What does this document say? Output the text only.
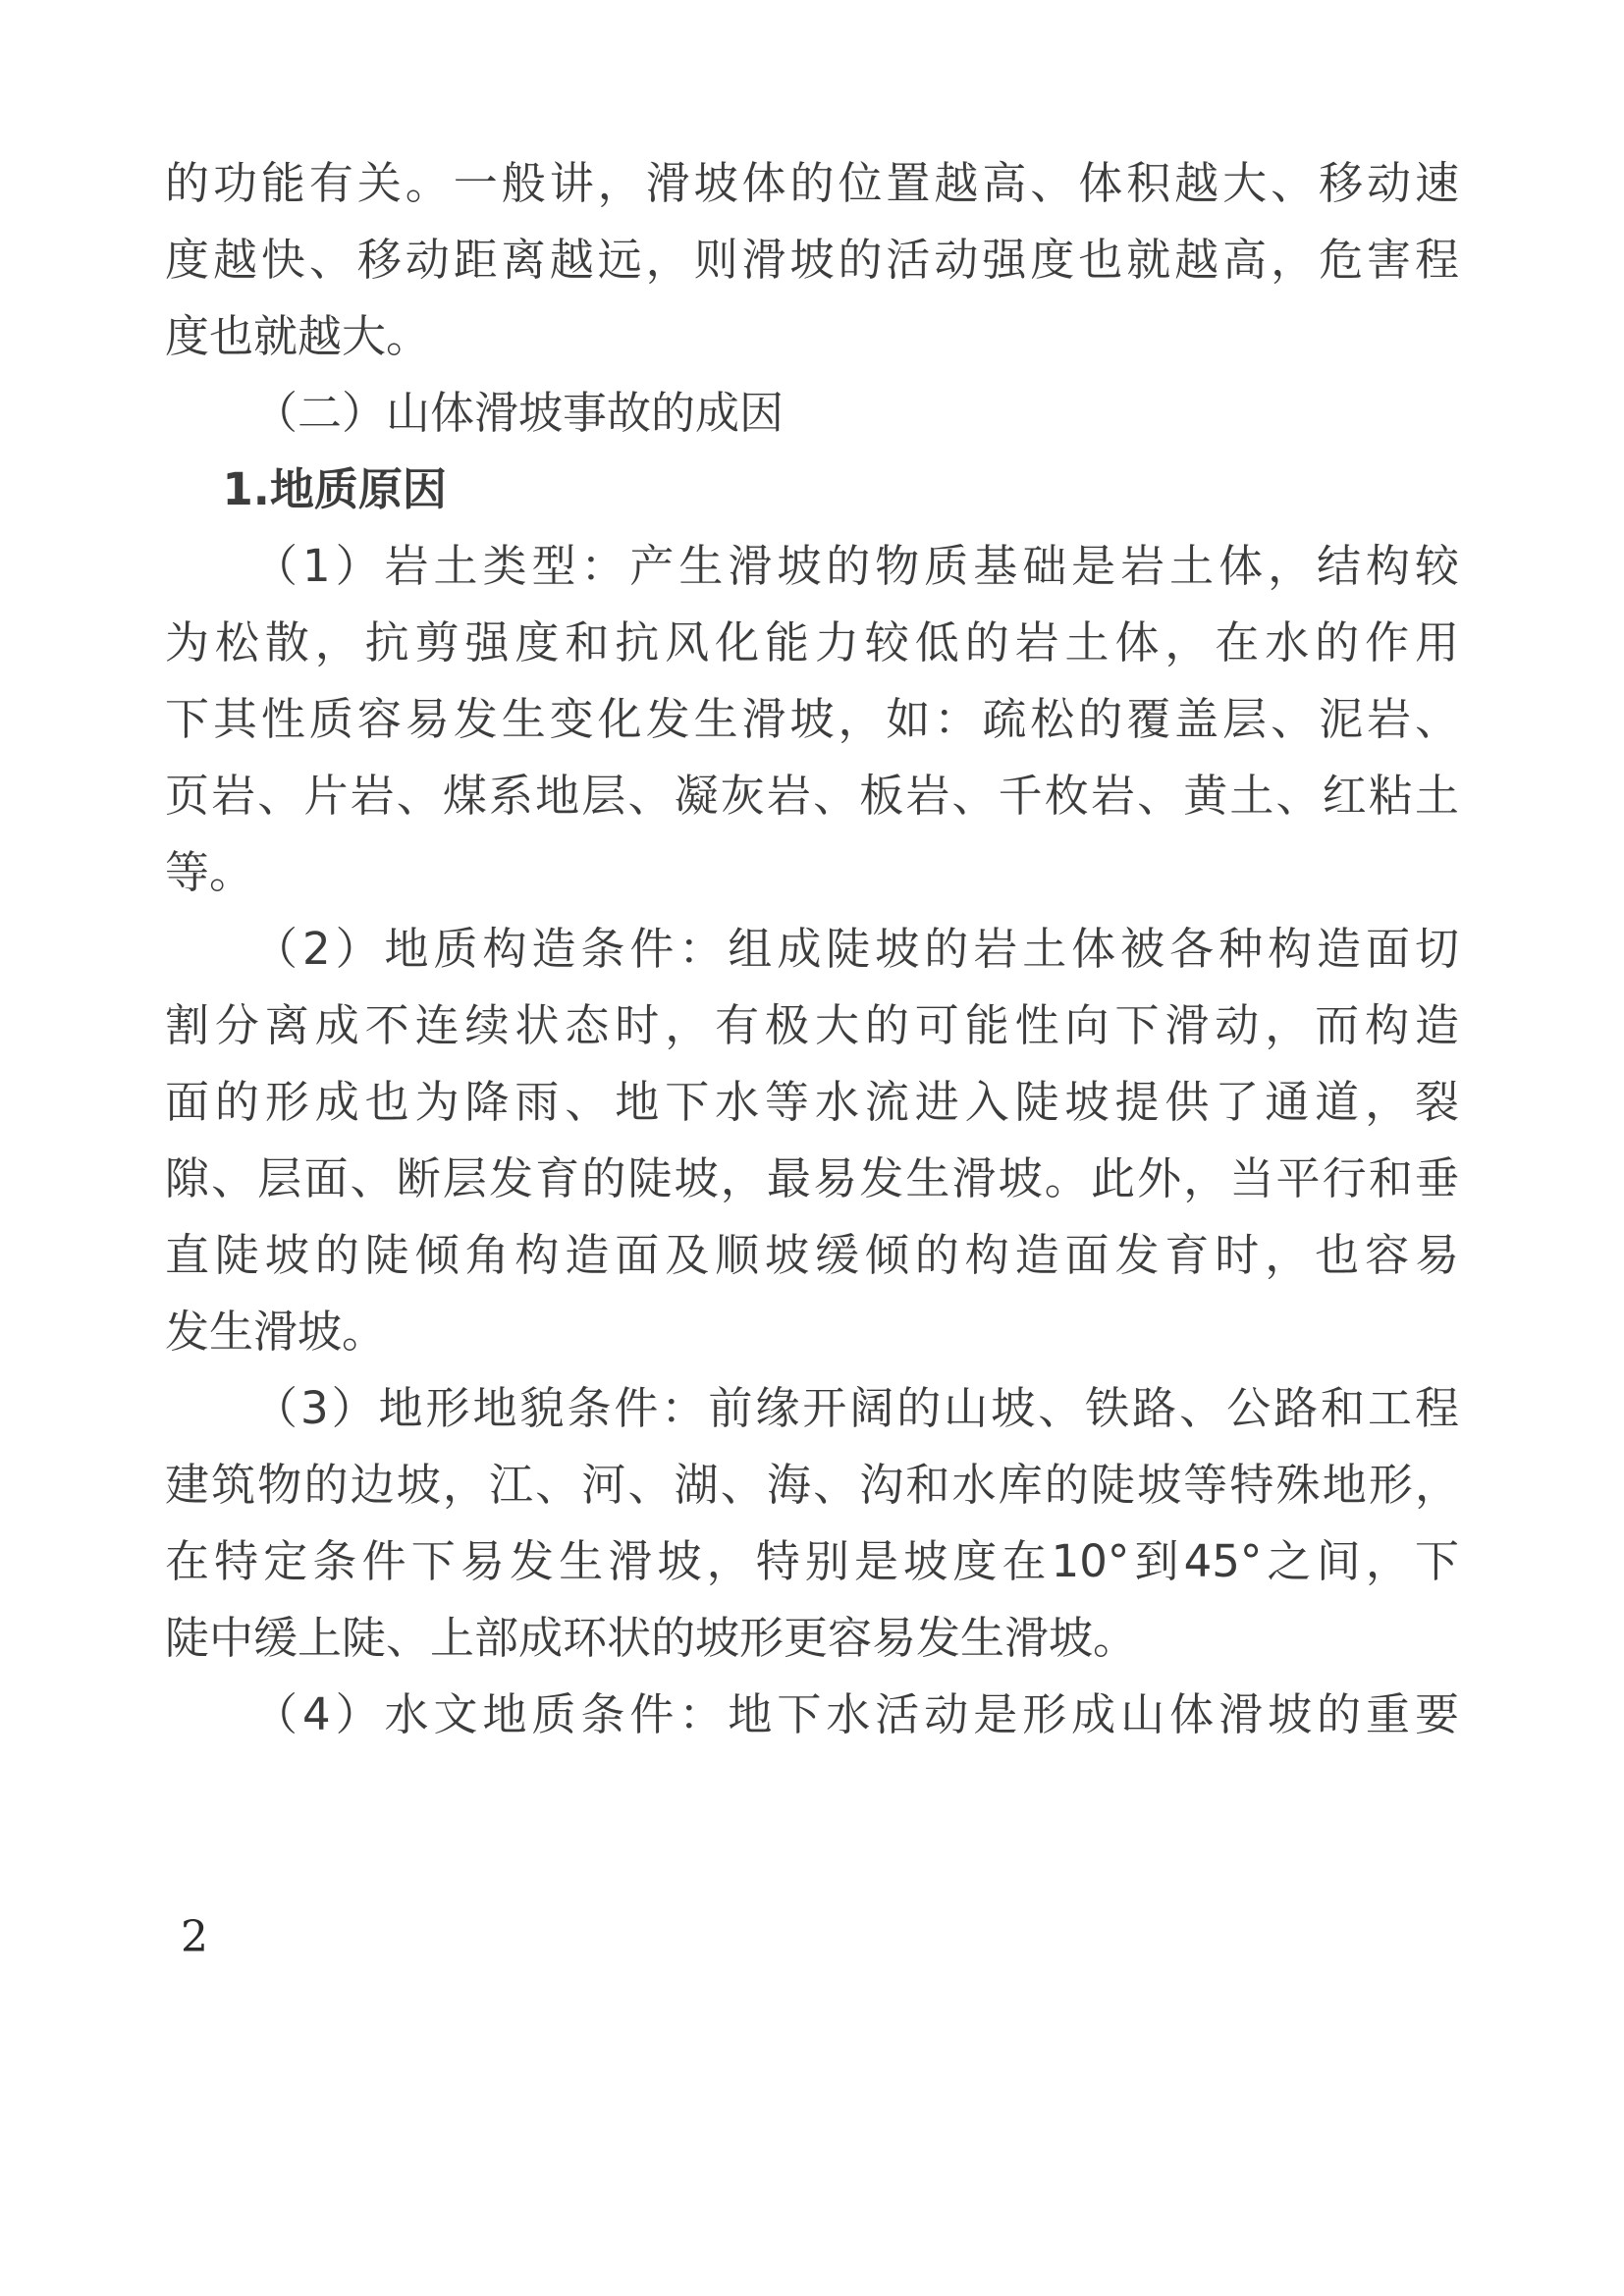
的功能有关。一般讲，滑坡体的位置越高、体积越大、移动速
度越快、移动距离越远，则滑坡的活动强度也就越高，危害程
度也就越大。
（二）山体滑坡事故的成因
1.地质原因
（1）岩土类型：产生滑坡的物质基础是岩土体，结构较
为松散，抗剪强度和抗风化能力较低的岩土体，在水的作用
下其性质容易发生变化发生滑坡，如：疏松的覆盖层、泥岩、
页岩、片岩、煤系地层、凝灰岩、板岩、千枚岩、黄土、红粘土
等。
（2）地质构造条件：组成陡坡的岩土体被各种构造面切
割分离成不连续状态时，有极大的可能性向下滑动，而构造
面的形成也为降雨、地下水等水流进入陡坡提供了通道，裂
隙、层面、断层发育的陡坡，最易发生滑坡。此外，当平行和垂
直陡坡的陡倾角构造面及顺坡缓倾的构造面发育时，也容易
发生滑坡。
（3）地形地貌条件：前缘开阔的山坡、铁路、公路和工程
建筑物的边坡，江、河、湖、海、沟和水库的陡坡等特殊地形，
在特定条件下易发生滑坡，特别是坡度在10°到45°之间，下
陡中缓上陡、上部成环状的坡形更容易发生滑坡。
（4）水文地质条件：地下水活动是形成山体滑坡的重要
2
